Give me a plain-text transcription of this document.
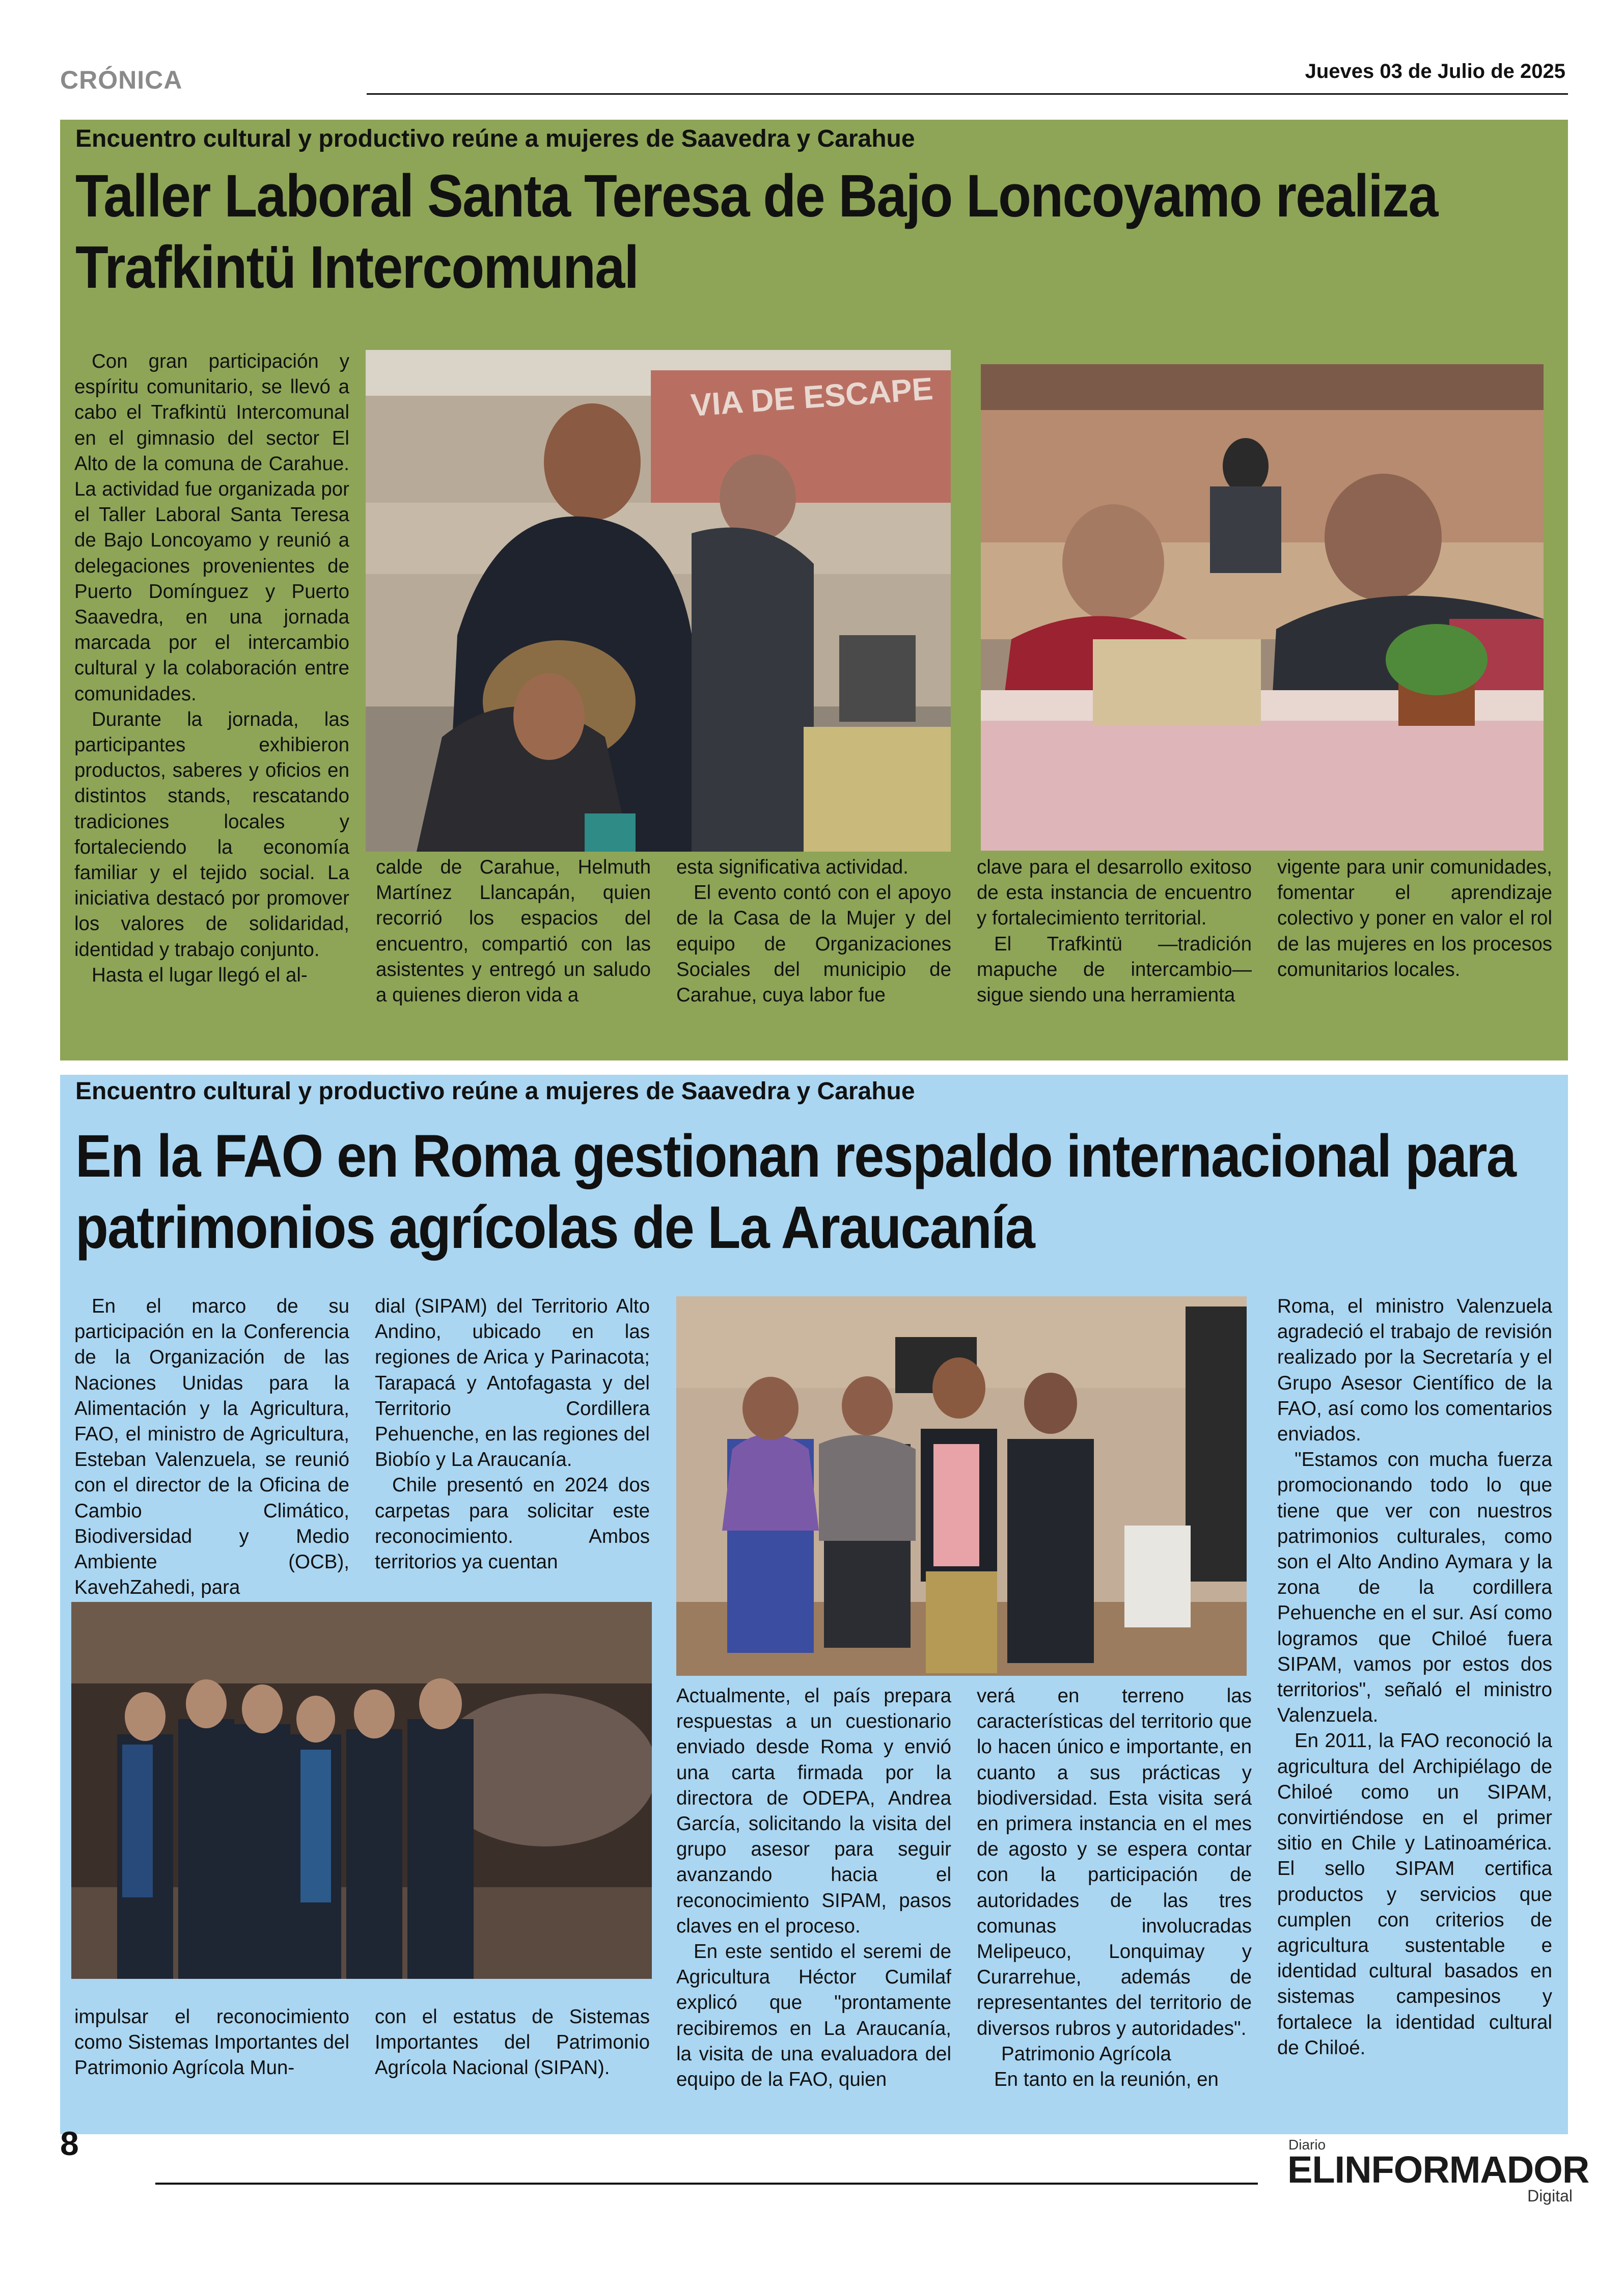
CRÓNICA	Jueves 03 de Julio de 2025
Encuentro cultural y productivo reúne a mujeres de Saavedra y Carahue
Taller Laboral Santa Teresa de Bajo Loncoyamo realiza
Trafkintü Intercomunal

Con gran participación y espíritu comunitario, se llevó a cabo el Trafkintü Intercomunal en el gimnasio del sector El Alto de la comuna de Carahue. La actividad fue organizada por el Taller Laboral Santa Teresa de Bajo Loncoyamo y reunió a delegaciones provenientes de Puerto Domínguez y Puerto Saavedra, en una jornada marcada por el intercambio cultural y la colaboración entre comunidades.

Durante la jornada, las participantes exhibieron productos, saberes y oficios en distintos stands, rescatando tradiciones locales y fortaleciendo la economía familiar y el tejido social. La iniciativa destacó por promover los valores de solidaridad, identidad y trabajo conjunto.

Hasta el lugar llegó el al-

VIA DE ESCAPE

calde de Carahue, Helmuth Martínez Llancapán, quien recorrió los espacios del encuentro, compartió con las asistentes y entregó un saludo a quienes dieron vida a

esta significativa actividad.

El evento contó con el apoyo de la Casa de la Mujer y del equipo de Organizaciones Sociales del municipio de Carahue, cuya labor fue

clave para el desarrollo exitoso de esta instancia de encuentro y fortalecimiento territorial.

El Trafkintü —tradición mapuche de intercambio— sigue siendo una herramienta

vigente para unir comunidades, fomentar el aprendizaje colectivo y poner en valor el rol de las mujeres en los procesos comunitarios locales.

Encuentro cultural y productivo reúne a mujeres de Saavedra y Carahue
En la FAO en Roma gestionan respaldo internacional para
patrimonios agrícolas de La Araucanía

En el marco de su participación en la Conferencia de la Organización de las Naciones Unidas para la Alimentación y la Agricultura, FAO, el ministro de Agricultura, Esteban Valenzuela, se reunió con el director de la Oficina de Cambio Climático, Biodiversidad y Medio Ambiente (OCB), KavehZahedi, para

dial (SIPAM) del Territorio Alto Andino, ubicado en las regiones de Arica y Parinacota; Tarapacá y Antofagasta y del Territorio Cordillera Pehuenche, en las regiones del Biobío y La Araucanía.

Chile presentó en 2024 dos carpetas para solicitar este reconocimiento. Ambos territorios ya cuentan

impulsar el reconocimiento como Sistemas Importantes del Patrimonio Agrícola Mun-

con el estatus de Sistemas Importantes del Patrimonio Agrícola Nacional (SIPAN).

Actualmente, el país prepara respuestas a un cuestionario enviado desde Roma y envió una carta firmada por la directora de ODEPA, Andrea García, solicitando la visita del grupo asesor para seguir avanzando hacia el reconocimiento SIPAM, pasos claves en el proceso.

En este sentido el seremi de Agricultura Héctor Cumilaf explicó que "prontamente recibiremos en La Araucanía, la visita de una evaluadora del equipo de la FAO, quien

verá en terreno las características del territorio que lo hacen único e importante, en cuanto a sus prácticas y biodiversidad. Esta visita será en primera instancia en el mes de agosto y se espera contar con la participación de autoridades de las tres comunas involucradas Melipeuco, Lonquimay y Curarrehue, además de representantes del territorio de diversos rubros y autoridades".

Patrimonio Agrícola

En tanto en la reunión, en

Roma, el ministro Valenzuela agradeció el trabajo de revisión realizado por la Secretaría y el Grupo Asesor Científico de la FAO, así como los comentarios enviados.

"Estamos con mucha fuerza promocionando todo lo que tiene que ver con nuestros patrimonios culturales, como son el Alto Andino Aymara y la zona de la cordillera Pehuenche en el sur. Así como logramos que Chiloé fuera SIPAM, vamos por estos dos territorios", señaló el ministro Valenzuela.

En 2011, la FAO reconoció la agricultura del Archipiélago de Chiloé como un SIPAM, convirtiéndose en el primer sitio en Chile y Latinoamérica. El sello SIPAM certifica productos y servicios que cumplen con criterios de agricultura sustentable e identidad cultural basados en sistemas campesinos y fortalece la identidad cultural de Chiloé.

8	Diario
ELINFORMADOR
Digital
